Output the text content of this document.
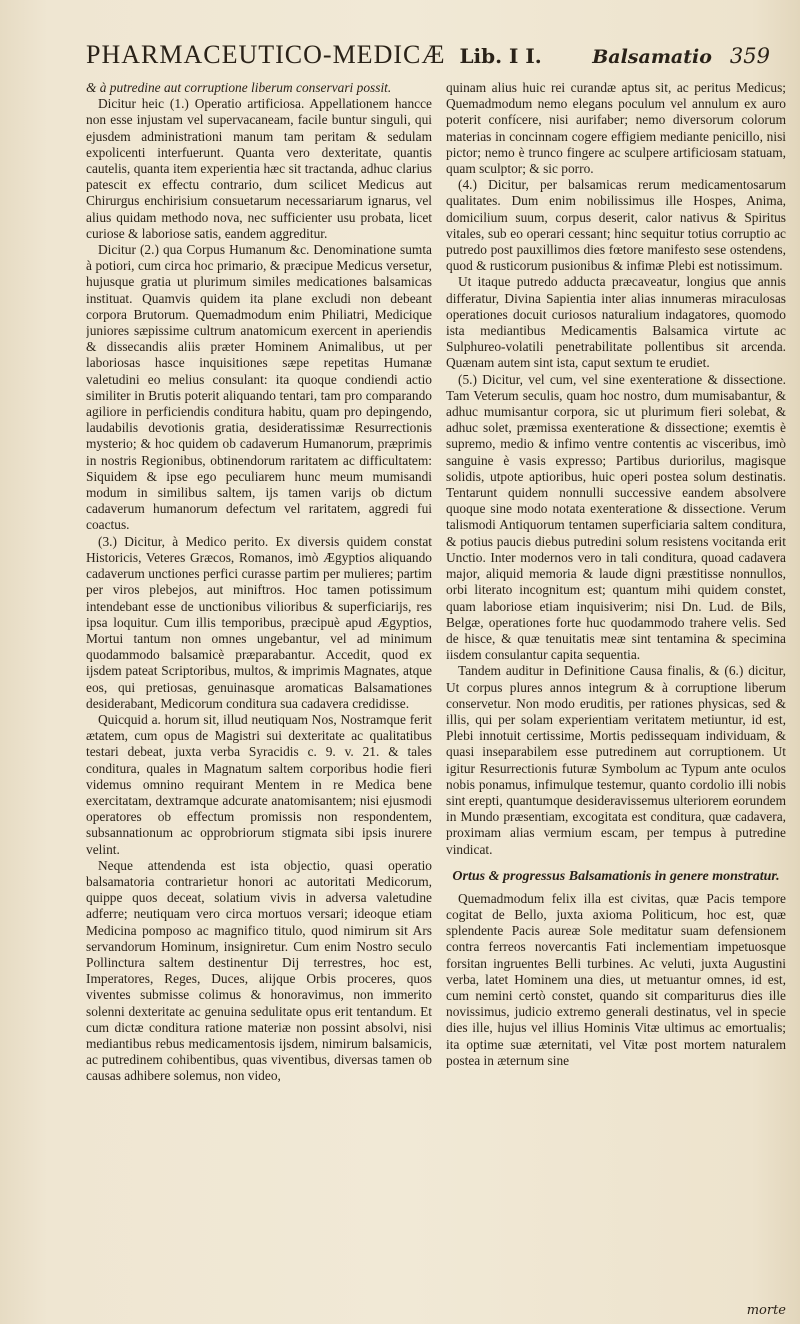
PHARMACEUTICO-MEDICÆ Lib. I I.	Balsamatio 359

& à putredine aut corruptione liberum conservari possit.

Dicitur heic (1.) Operatio artificiosa. Appellationem hancce non esse injustam vel supervacaneam, facile buntur singuli, qui ejusdem administrationi manum tam peritam & sedulam expolicenti interfuerunt. Quanta vero dexteritate, quantis cautelis, quanta item experientia hæc sit tractanda, adhuc clarius patescit ex effectu contrario, dum scilicet Medicus aut Chirurgus enchirisium consuetarum necessariarum ignarus, vel alius quidam methodo nova, nec sufficienter usu probata, licet curiose & laboriose satis, eandem aggreditur.

Dicitur (2.) qua Corpus Humanum &c. Denominatione sumta à potiori, cum circa hoc primario, & præcipue Medicus versetur, hujusque gratia ut plurimum similes medicationes balsamicas instituat. Quamvis quidem ita plane excludi non debeant corpora Brutorum. Quemadmodum enim Philiatri, Medicique juniores sæpissime cultrum anatomicum exercent in aperiendis & dissecandis aliis præter Hominem Animalibus, ut per laboriosas hasce inquisitiones sæpe repetitas Humanæ valetudini eo melius consulant: ita quoque condiendi actio similiter in Brutis poterit aliquando tentari, tam pro comparando agiliore in perficiendis conditura habitu, quam pro depingendo, laudabilis devotionis gratia, desideratissimæ Resurrectionis mysterio; & hoc quidem ob cadaverum Humanorum, præprimis in nostris Regionibus, obtinendorum raritatem ac difficultatem: Siquidem & ipse ego peculiarem hunc meum mumisandi modum in similibus saltem, ijs tamen varijs ob dictum cadaverum humanorum defectum vel raritatem, aggredi fui coactus.

(3.) Dicitur, à Medico perito. Ex diversis quidem constat Historicis, Veteres Græcos, Romanos, imò Ægyptios aliquando cadaverum unctiones perfici curasse partim per mulieres; partim per viros plebejos, aut miniftros. Hoc tamen potissimum intendebant esse de unctionibus vilioribus & superficiarijs, res ipsa loquitur. Cum illis temporibus, præcipuè apud Ægyptios, Mortui tantum non omnes ungebantur, vel ad minimum quodammodo balsamicè præparabantur. Accedit, quod ex ijsdem pateat Scriptoribus, multos, & imprimis Magnates, atque eos, qui pretiosas, genuinasque aromaticas Balsamationes desiderabant, Medicorum conditura sua cadavera credidisse.

Quicquid a. horum sit, illud neutiquam Nos, Nostramque ferit ætatem, cum opus de Magistri sui dexteritate ac qualitatibus testari debeat, juxta verba Syracidis c. 9. v. 21. & tales conditura, quales in Magnatum saltem corporibus hodie fieri videmus omnino requirant Mentem in re Medica bene exercitatam, dextramque adcurate anatomisantem; nisi ejusmodi operatores ob effectum promissis non respondentem, subsannationum ac opprobriorum stigmata sibi ipsis inurere velint.

Neque attendenda est ista objectio, quasi operatio balsamatoria contrarietur honori ac autoritati Medicorum, quippe quos deceat, solatium vivis in adversa valetudine adferre; neutiquam vero circa mortuos versari; ideoque etiam Medicina pomposo ac magnifico titulo, quod nimirum sit Ars servandorum Hominum, insigniretur. Cum enim Nostro seculo Pollinctura saltem destinentur Dij terrestres, hoc est, Imperatores, Reges, Duces, alijque Orbis proceres, quos viventes submisse colimus & honoravimus, non immerito solenni dexteritate ac genuina sedulitate opus erit tentandum. Et cum dictæ conditura ratione materiæ non possint absolvi, nisi mediantibus rebus medicamentosis ijsdem, nimirum balsamicis, ac putredinem cohibentibus, quas viventibus, diversas tamen ob causas adhibere solemus, non video,

quinam alius huic rei curandæ aptus sit, ac peritus Medicus; Quemadmodum nemo elegans poculum vel annulum ex auro poterit confícere, nisi aurifaber; nemo diversorum colorum materias in concinnam cogere effigiem mediante penicillo, nisi pictor; nemo è trunco fingere ac sculpere artificiosam statuam, quam sculptor; & sic porro.

(4.) Dicitur, per balsamicas rerum medicamentosarum qualitates. Dum enim nobilissimus ille Hospes, Anima, domicilium suum, corpus deserit, calor nativus & Spiritus vitales, sub eo operari cessant; hinc sequitur totius corruptio ac putredo post pauxillimos dies fœtore manifesto sese ostendens, quod & rusticorum pusionibus & infimæ Plebi est notissimum.

Ut itaque putredo adducta præcaveatur, longius que annis differatur, Divina Sapientia inter alias innumeras miraculosas operationes docuit curiosos naturalium indagatores, quomodo ista mediantibus Medicamentis Balsamica virtute ac Sulphureo-volatili penetrabilitate pollentibus sit arcenda. Quænam autem sint ista, caput sextum te erudiet.

(5.) Dicitur, vel cum, vel sine exenteratione & dissectione. Tam Veterum seculis, quam hoc nostro, dum mumisabantur, & adhuc mumisantur corpora, sic ut plurimum fieri solebat, & adhuc solet, præmissa exenteratione & dissectione; exemtis è supremo, medio & infimo ventre contentis ac visceribus, imò sanguine è vasis expresso; Partibus duriorilus, magisque solidis, utpote aptioribus, huic operi postea solum destinatis. Tentarunt quidem nonnulli successive eandem absolvere quoque sine modo notata exenteratione & dissectione. Verum talismodi Antiquorum tentamen superficiaria saltem conditura, & potius paucis diebus putredini solum resistens vocitanda erit Unctio. Inter modernos vero in tali conditura, quoad cadavera major, aliquid memoria & laude digni præstitisse nonnullos, orbi literato incognitum est; quantum mihi quidem constet, quam laboriose etiam inquisiverim; nisi Dn. Lud. de Bils, Belgæ, operationes forte huc quodammodo trahere velis. Sed de hisce, & quæ tenuitatis meæ sint tentamina & specimina iisdem consulantur capita sequentia.

Tandem auditur in Definitione Causa finalis, & (6.) dicitur, Ut corpus plures annos integrum & à corruptione liberum conservetur. Non modo eruditis, per rationes physicas, sed & illis, qui per solam experientiam veritatem metiuntur, id est, Plebi innotuit certissime, Mortis pedissequam individuam, & quasi inseparabilem esse putredinem aut corruptionem. Ut igitur Resurrectionis futuræ Symbolum ac Typum ante oculos nobis ponamus, infimulque testemur, quanto cordolio illi nobis sint erepti, quantumque desideravissemus ulteriorem eorundem in Mundo præsentiam, excogitata est conditura, quæ cadavera, proximam alias vermium escam, per tempus à putredine vindicat.

Ortus & progressus Balsamationis in genere monstratur.

Quemadmodum felix illa est civitas, quæ Pacis tempore cogitat de Bello, juxta axioma Politicum, hoc est, quæ splendente Pacis aureæ Sole meditatur suam defensionem contra ferreos novercantis Fati inclementiam impetuosque forsitan ingruentes Belli turbines. Ac veluti, juxta Augustini verba, latet Hominem una dies, ut metuantur omnes, id est, cum nemini certò constet, quando sit compariturus dies ille novissimus, judicio extremo generali destinatus, vel in specie dies ille, hujus vel illius Hominis Vitæ ultimus ac emortualis; ita optime suæ æternitati, vel Vitæ post mortem naturalem postea in æternum sine

morte
